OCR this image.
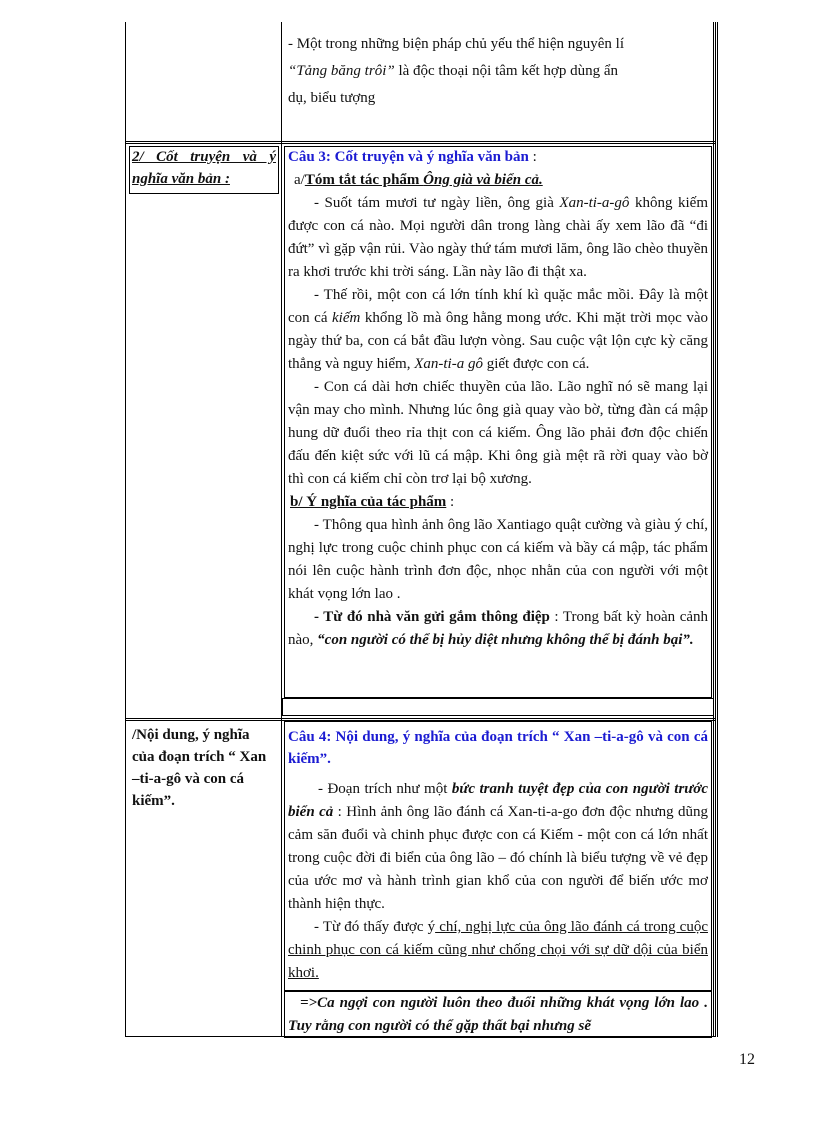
- Một trong những biện pháp chủ yếu thể hiện nguyên lí

“Tảng băng trôi” là độc thoại nội tâm kết hợp dùng ẩn

dụ, biểu tượng

2/ Cốt truyện và ý nghĩa văn bản :

Câu 3: Cốt truyện và ý nghĩa văn bản :

a/Tóm tắt tác phẩm Ông già và biển cả.

- Suốt tám mươi tư ngày liền, ông già Xan-ti-a-gô không kiếm được con cá nào. Mọi người dân trong làng chài ấy xem lão đã “đi đứt” vì gặp vận rủi. Vào ngày thứ tám mươi lăm, ông lão chèo thuyền ra khơi trước khi trời sáng. Lần này lão đi thật xa.

- Thế rồi, một con cá lớn tính khí kì quặc mắc mồi. Đây là một con cá kiếm khổng lồ mà ông hằng mong ước. Khi mặt trời mọc vào ngày thứ ba, con cá bắt đầu lượn vòng. Sau cuộc vật lộn cực kỳ căng thẳng và nguy hiểm, Xan-ti-a gô giết được con cá.

- Con cá dài hơn chiếc thuyền của lão. Lão nghĩ nó sẽ mang lại vận may cho mình. Nhưng lúc ông già quay vào bờ, từng đàn cá mập hung dữ đuổi theo rỉa thịt con cá kiếm. Ông lão phải đơn độc chiến đấu đến kiệt sức với lũ cá mập. Khi ông già mệt rã rời quay vào bờ thì con cá kiếm chỉ còn trơ lại bộ xương.

b/ Ý nghĩa của tác phẩm :

- Thông qua hình ảnh ông lão Xantiago quật cường và giàu ý chí, nghị lực trong cuộc chinh phục con cá kiếm và bầy cá mập, tác phẩm nói lên cuộc hành trình đơn độc, nhọc nhằn của con người với một khát vọng lớn lao .

- Từ đó nhà văn gửi gắm thông điệp : Trong bất kỳ hoàn cảnh nào, “con người có thể bị hủy diệt nhưng không thể bị đánh bại”.

/Nội dung, ý nghĩa của đoạn trích “ Xan –ti-a-gô và con cá kiếm”.

Câu 4: Nội dung, ý nghĩa của đoạn trích “ Xan –ti-a-gô và con cá kiếm”.

- Đoạn trích như một bức tranh tuyệt đẹp của con người trước biển cả : Hình ảnh ông lão đánh cá Xan-ti-a-go đơn độc nhưng dũng cảm săn đuổi và chinh phục được con cá Kiếm - một con cá lớn nhất trong cuộc đời đi biển của ông lão – đó chính là biểu tượng về vẻ đẹp của ước mơ và hành trình gian khổ của con người để biến ước mơ thành hiện thực.

- Từ đó thấy được ý chí, nghị lực của ông lão đánh cá trong cuộc chinh phục con cá kiếm cũng như chống chọi với sự dữ dội của biển khơi.

=>Ca ngợi con người luôn theo đuổi những khát vọng lớn lao . Tuy rằng con người có thể gặp thất bại nhưng sẽ
12
